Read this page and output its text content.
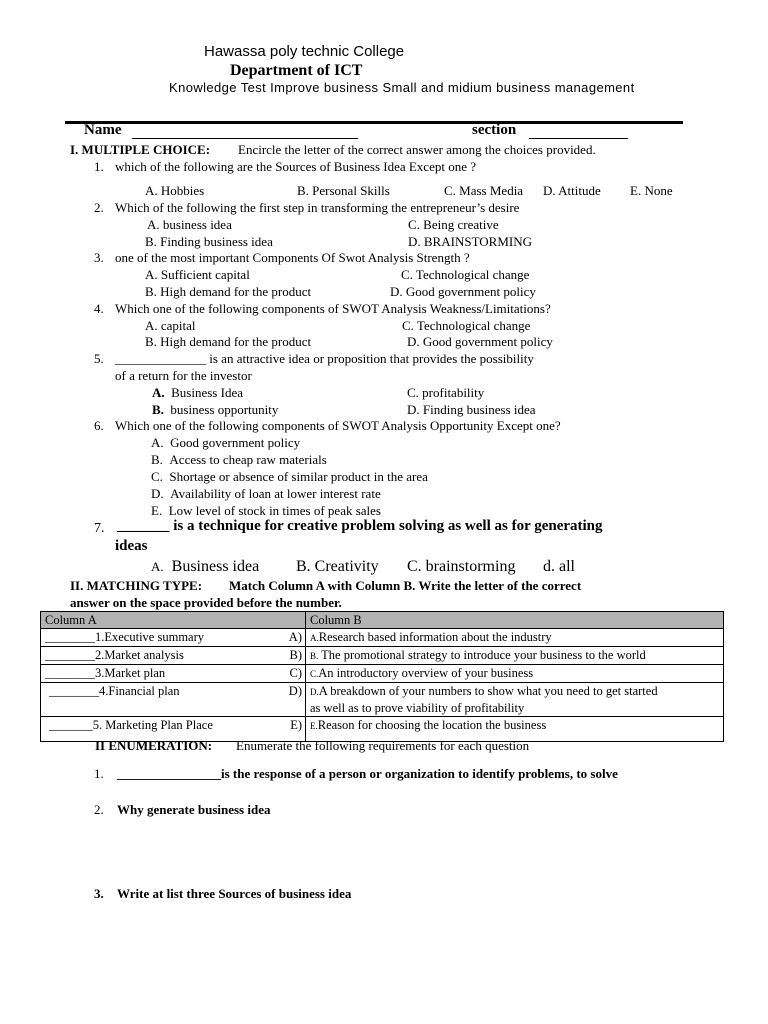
Hawassa poly technic College
Department of ICT
Knowledge Test Improve business Small and midium business management
Name	section
I. MULTIPLE CHOICE: Encircle the letter of the correct answer among the choices provided.
1. which of the following are the Sources of Business Idea Except one ?
A. Hobbies	B. Personal Skills	C. Mass Media D. Attitude E. None
2. Which of the following the first step in transforming the entrepreneur’s desire
A. business idea	C. Being creative
B. Finding business idea	D. BRAINSTORMING
3. one of the most important Components Of Swot Analysis Strength ?
A. Sufficient capital	C. Technological change
B. High demand for the product	D. Good government policy
4. Which one of the following components of SWOT Analysis Weakness/Limitations?
A. capital	C. Technological change
B. High demand for the product	D. Good government policy
5. ______________ is an attractive idea or proposition that provides the possibility
of a return for the investor
A. Business Idea	C. profitability
B. business opportunity	D. Finding business idea
6. Which one of the following components of SWOT Analysis Opportunity Except one?
A. Good government policy
B. Access to cheap raw materials
C. Shortage or absence of similar product in the area
D. Availability of loan at lower interest rate
E. Low level of stock in times of peak sales
7. _______ is a technique for creative problem solving as well as for generating
ideas
A. Business idea B. Creativity C. brainstorming d. all
II. MATCHING TYPE: Match Column A with Column B. Write the letter of the correct
answer on the space provided before the number.
Column A	Column B
________1.Executive summary A)	A.Research based information about the industry
________2.Market analysis B)	B. The promotional strategy to introduce your business to the world
________3.Market plan C)	C.An introductory overview of your business
________4.Financial plan D)	D.A breakdown of your numbers to show what you need to get started
as well as to prove viability of profitability
_______5. Marketing Plan Place E)	E.Reason for choosing the location the business
II ENUMERATION: Enumerate the following requirements for each question
1. ________________is the response of a person or organization to identify problems, to solve
2. Why generate business idea
3. Write at list three Sources of business idea
